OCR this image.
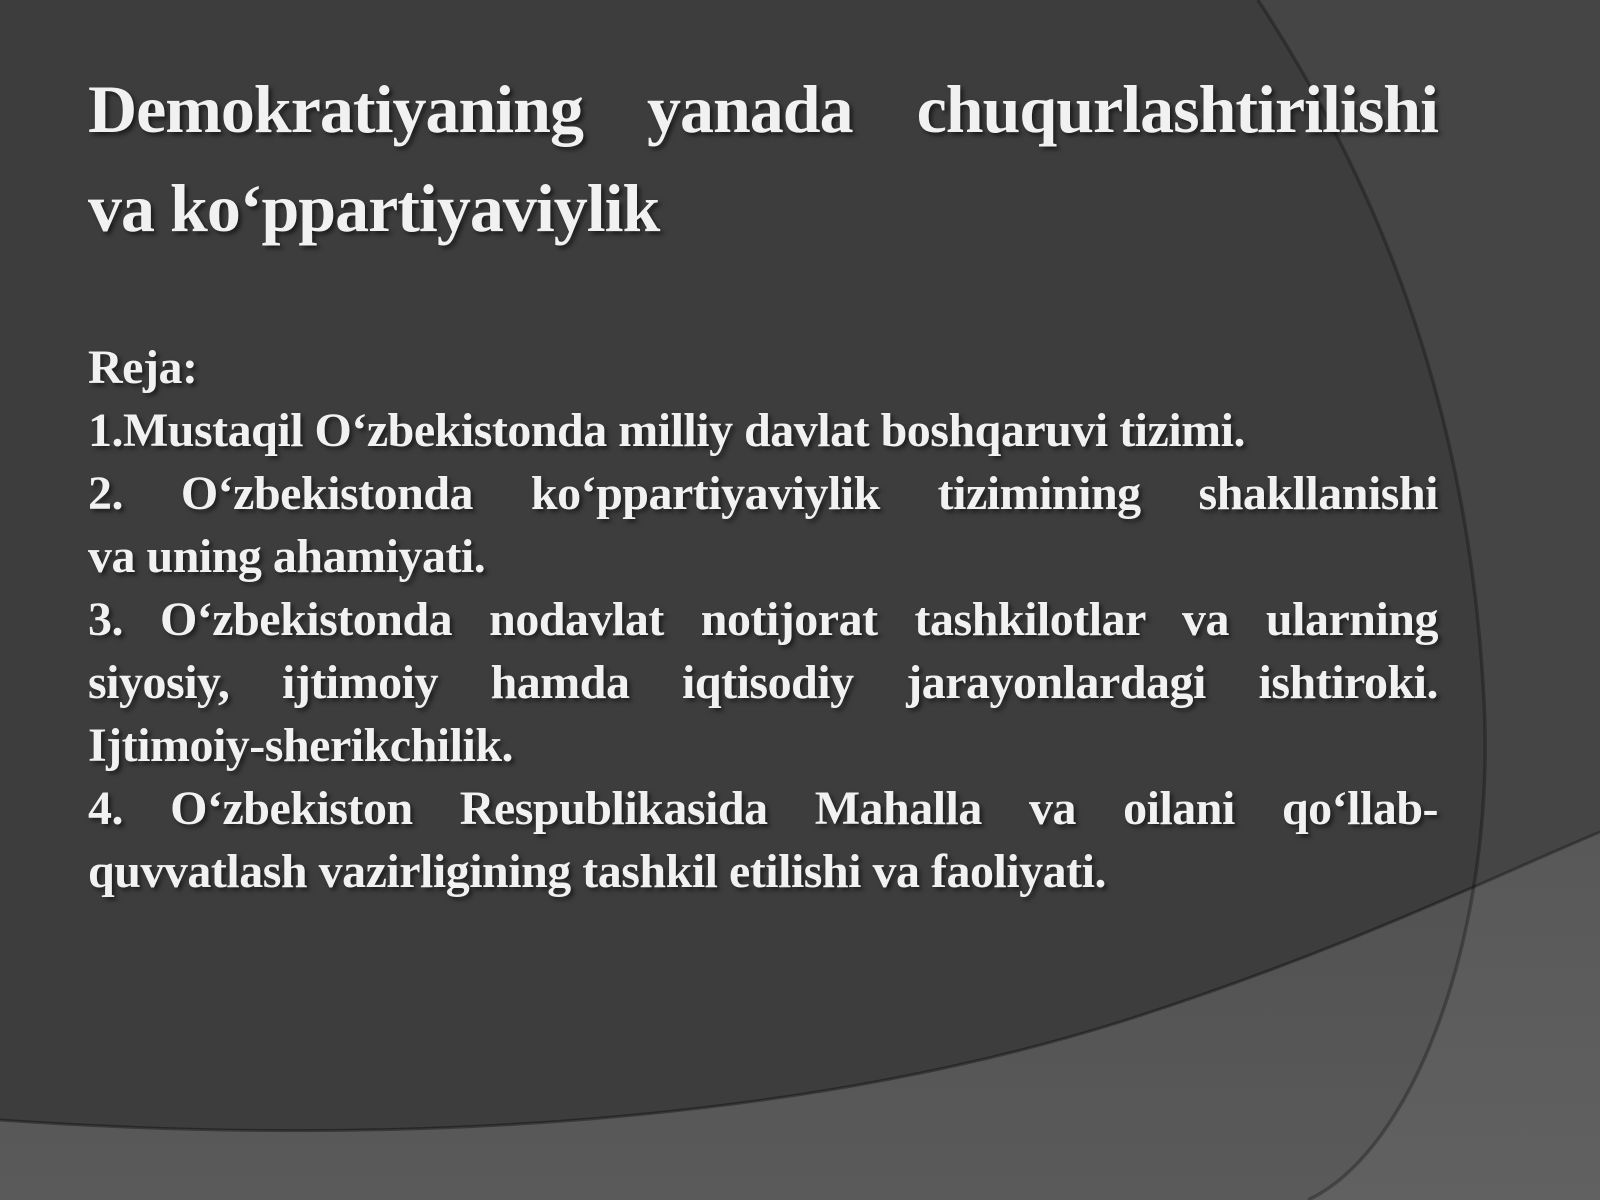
Demokratiyaning yanada chuqurlashtirilishi
va ko‘ppartiyaviylik
Reja:
1.Mustaqil O‘zbekistonda milliy davlat boshqaruvi tizimi.
2. O‘zbekistonda ko‘ppartiyaviylik tizimining shakllanishi
va uning ahamiyati.
3. O‘zbekistonda nodavlat notijorat tashkilotlar va ularning
siyosiy, ijtimoiy hamda iqtisodiy jarayonlardagi ishtiroki.
Ijtimoiy-sherikchilik.
4. O‘zbekiston Respublikasida Mahalla va oilani qo‘llab-
quvvatlash vazirligining tashkil etilishi va faoliyati.
